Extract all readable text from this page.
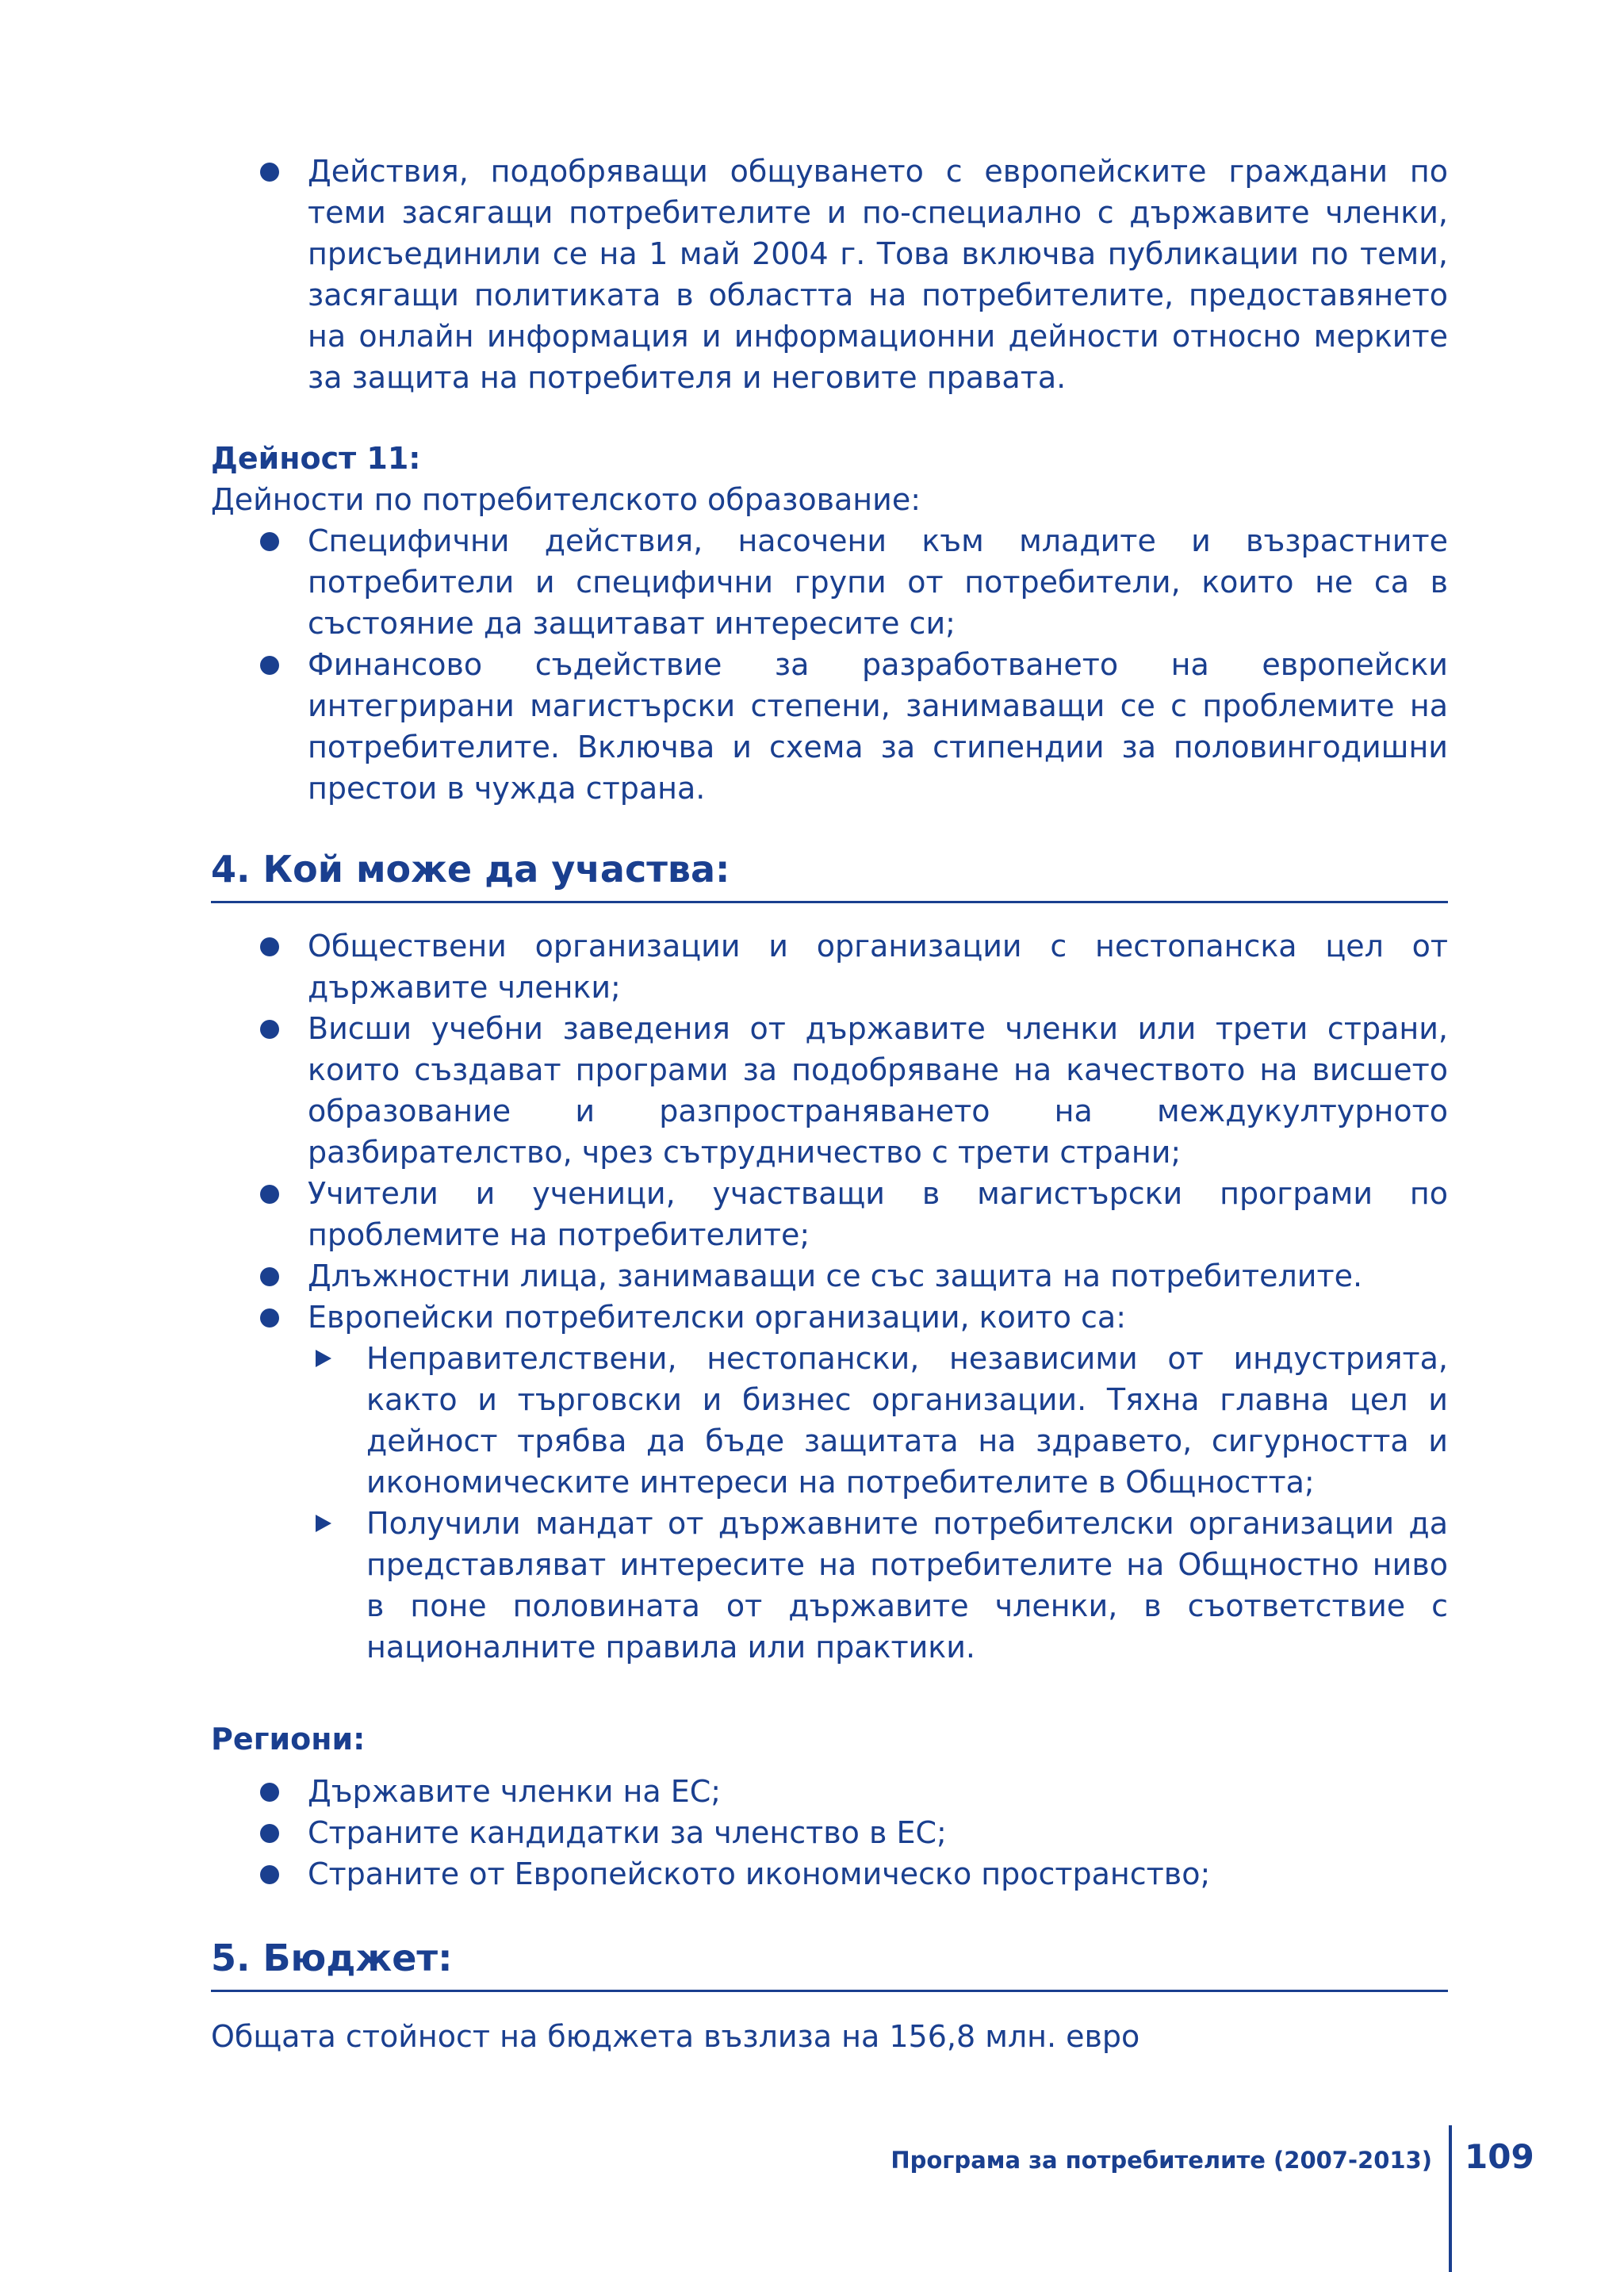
Действия, подобряващи общуването с европейските граждани по теми засягащи потребителите и по-специално с държавите членки, присъединили се на 1 май 2004 г. Това включва публикации по теми, засягащи политиката в областта на потребителите, предоставянето на онлайн информация и информационни дейности относно мерките за защита на потребителя и неговите правата.
Дейност 11:
Дейности по потребителското образование:
Специфични действия, насочени към младите и възрастните потребители и специфични групи от потребители, които не са в състояние да защитават интересите си;
Финансово съдействие за разработването на европейски интегрирани магистърски степени, занимаващи се с проблемите на потребителите. Включва и схема за стипендии за половингодишни престои в чужда страна.
4. Кой може да участва:
Обществени организации и организации с нестопанска цел от държавите членки;
Висши учебни заведения от държавите членки или трети страни, които създават програми за подобряване на качеството на висшето образование и разпространяването на междукултурното разбирателство, чрез сътрудничество с трети страни;
Учители и ученици, участващи в магистърски програми по проблемите на потребителите;
Длъжностни лица, занимаващи се със защита на потребителите.
Европейски потребителски организации, които са:
Неправителствени, нестопански, независими от индустрията, както и търговски и бизнес организации. Тяхна главна цел и дейност трябва да бъде защитата на здравето, сигурността и икономическите интереси на потребителите в Общността;
Получили мандат от държавните потребителски организации да представляват интересите на потребителите на Общностно ниво в поне половината от държавите членки, в съответствие с националните правила или практики.
Региони:
Държавите членки на ЕС;
Страните кандидатки за членство в ЕС;
Страните от Европейското икономическо пространство;
5. Бюджет:
Общата стойност на бюджета възлиза на 156,8 млн. евро
Програма за потребителите (2007-2013) 109
